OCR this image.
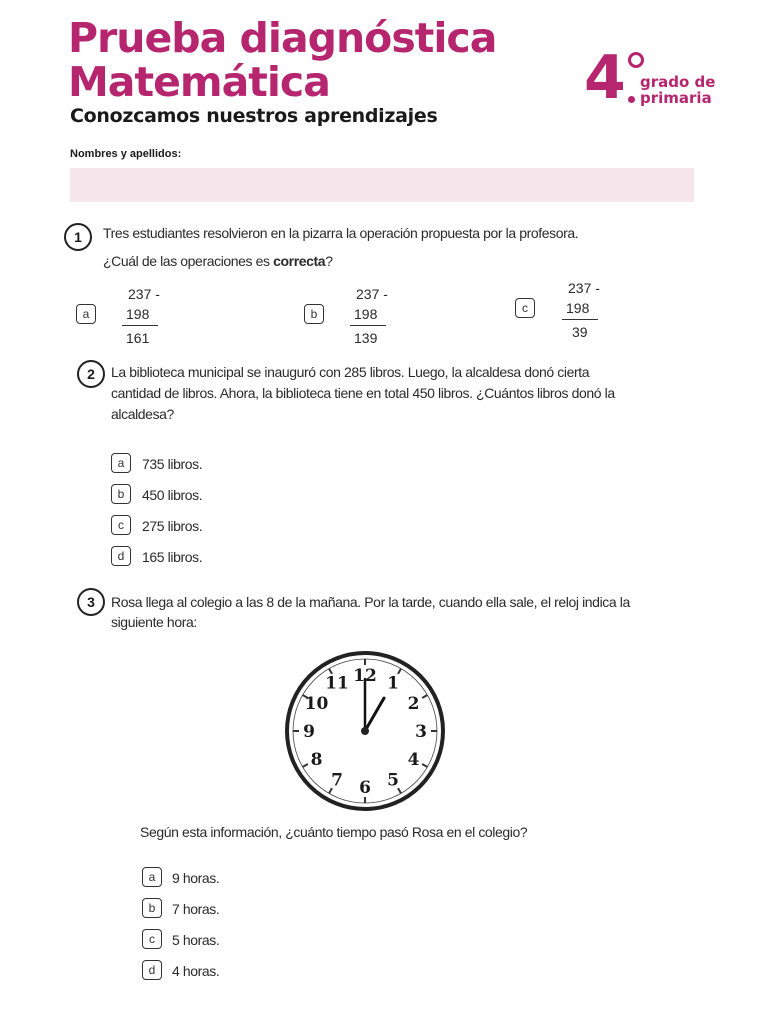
Prueba diagnóstica
Matemática
Conozcamos nuestros aprendizajes
4 grado de
primaria
Nombres y apellidos:
1	Tres estudiantes resolvieron en la pizarra la operación propuesta por la profesora.
¿Cuál de las operaciones es correcta?
a
237 -
198
161
b
237 -
198
139
c
237 -
198
39
2	La biblioteca municipal se inauguró con 285 libros. Luego, la alcaldesa donó cierta
cantidad de libros. Ahora, la biblioteca tiene en total 450 libros. ¿Cuántos libros donó la
alcaldesa?
a	735 libros.
b	450 libros.
c	275 libros.
d	165 libros.
3	Rosa llega al colegio a las 8 de la mañana. Por la tarde, cuando ella sale, el reloj indica la
siguiente hora:
12 1
2
3
4
5
6
7
8
9
10
11
Según esta información, ¿cuánto tiempo pasó Rosa en el colegio?
a	9 horas.
b	7 horas.
c	5 horas.
d	4 horas.
